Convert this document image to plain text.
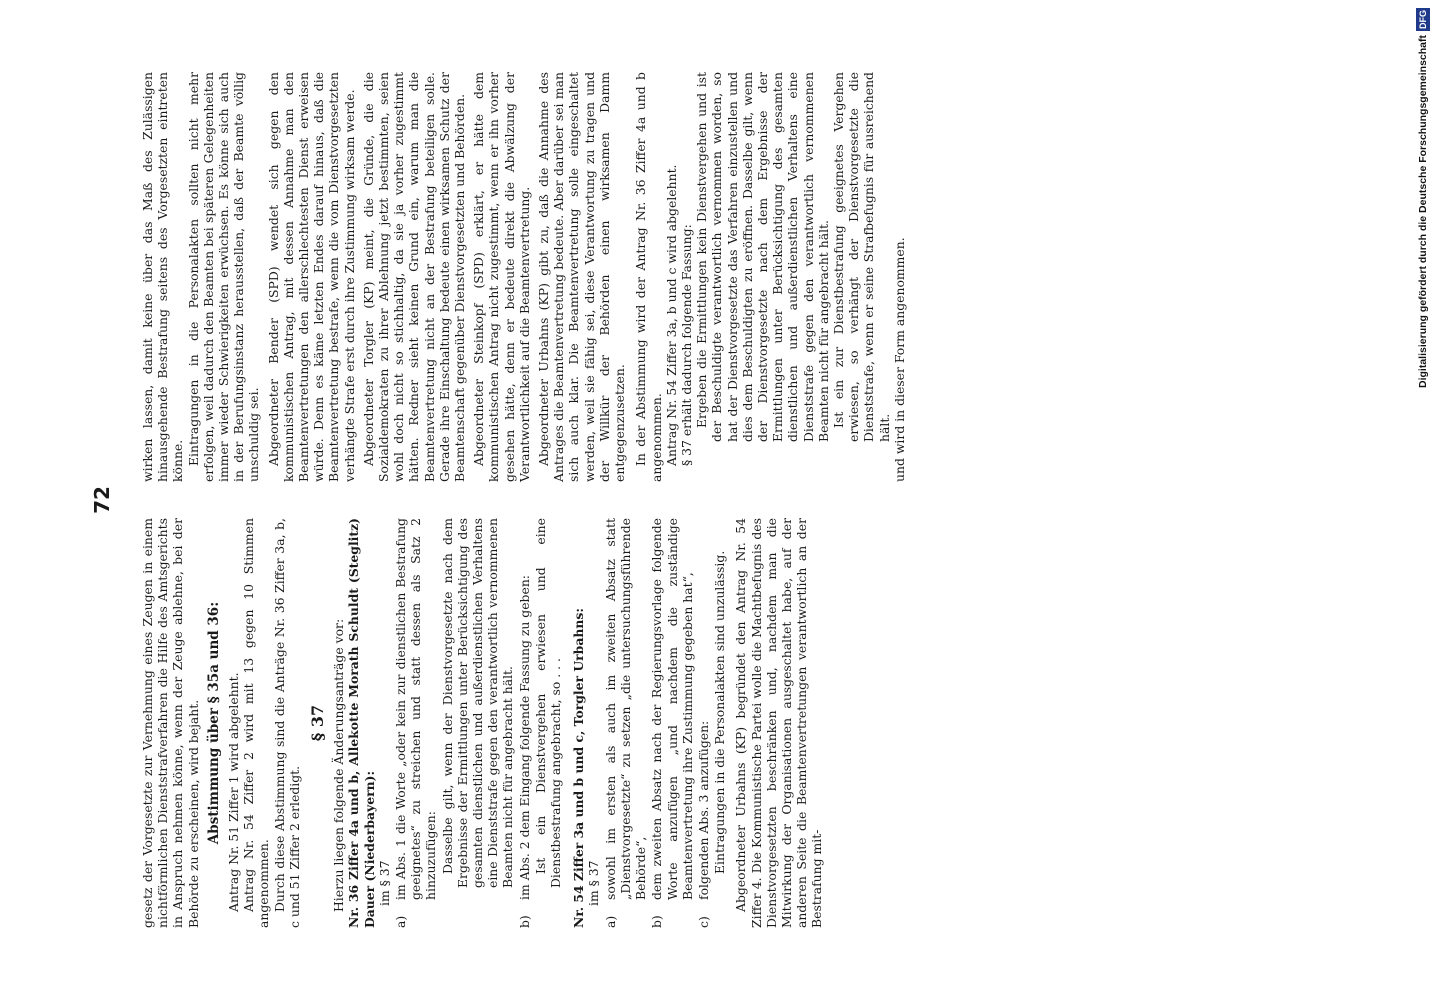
72

gesetz der Vorgesetzte zur Vernehmung eines Zeugen in einem nichtförmlichen Dienststrafverfahren die Hilfe des Amtsgerichts in Anspruch nehmen könne, wenn der Zeuge ablehne, bei der Behörde zu erscheinen, wird bejaht. Abstimmung über § 35a und 36: Antrag Nr. 51 Ziffer 1 wird abgelehnt. Antrag Nr. 54 Ziffer 2 wird mit 13 gegen 10 Stimmen angenommen. Durch diese Abstimmung sind die Anträge Nr. 36 Ziffer 3a, b, c und 51 Ziffer 2 erledigt.

§ 37 Hierzu liegen folgende Änderungsanträge vor: Nr. 36 Ziffer 4a und b, Allekotte Morath Schuldt (Steglitz) Dauer (Niederbayern): im § 37

a)
im Abs. 1 die Worte „oder kein zur dienstlichen Bestrafung geeignetes“ zu streichen und statt dessen als Satz 2 hinzuzufügen: Dasselbe gilt, wenn der Dienstvorgesetzte nach dem Ergebnisse der Ermittlungen unter Berücksichtigung des gesamten dienstlichen und außerdienstlichen Verhaltens eine Dienststrafe gegen den verantwortlich vernommenen Beamten nicht für angebracht hält.

b)
im Abs. 2 dem Eingang folgende Fassung zu geben: Ist ein Dienstvergehen erwiesen und eine Dienstbestrafung angebracht, so . . . Nr. 54 Ziffer 3a und b und c, Torgler Urbahns: im § 37

a)
sowohl im ersten als auch im zweiten Absatz statt „Dienstvorgesetzte“ zu setzen „die untersuchungsführende Behörde“,
b)
dem zweiten Absatz nach der Regierungsvorlage folgende Worte anzufügen „und nachdem die zuständige Beamtenvertretung ihre Zustimmung gegeben hat“,
c)
folgenden Abs. 3 anzufügen: Eintragungen in die Personalakten sind unzulässig. Abgeordneter Urbahns (KP) begründet den Antrag Nr. 54 Ziffer 4. Die Kommunistische Partei wolle die Machtbefugnis des Dienstvorgesetzten beschränken und, nachdem man die Mitwirkung der Organisationen ausgeschaltet habe, auf der anderen Seite die Beamtenvertretungen verantwortlich an der Bestrafung mit-

wirken lassen, damit keine über das Maß des Zulässigen hinausgehende Bestrafung seitens des Vorgesetzten eintreten könne. Eintragungen in die Personalakten sollten nicht mehr erfolgen, weil dadurch den Beamten bei späteren Gelegenheiten immer wieder Schwierigkeiten erwüchsen. Es könne sich auch in der Berufungsinstanz herausstellen, daß der Beamte völlig unschuldig sei. Abgeordneter Bender (SPD) wendet sich gegen den kommunistischen Antrag, mit dessen Annahme man den Beamtenvertretungen den allerschlechtesten Dienst erweisen würde. Denn es käme letzten Endes darauf hinaus, daß die Beamtenvertretung bestrafe, wenn die vom Dienstvorgesetzten verhängte Strafe erst durch ihre Zustimmung wirksam werde. Abgeordneter Torgler (KP) meint, die Gründe, die die Sozialdemokraten zu ihrer Ablehnung jetzt bestimmten, seien wohl doch nicht so stichhaltig, da sie ja vorher zugestimmt hätten. Redner sieht keinen Grund ein, warum man die Beamtenvertretung nicht an der Bestrafung beteiligen solle. Gerade ihre Einschaltung bedeute einen wirksamen Schutz der Beamtenschaft gegenüber Dienstvorgesetzten und Behörden. Abgeordneter Steinkopf (SPD) erklärt, er hätte dem kommunistischen Antrag nicht zugestimmt, wenn er ihn vorher gesehen hätte, denn er bedeute direkt die Abwälzung der Verantwortlichkeit auf die Beamtenvertretung. Abgeordneter Urbahns (KP) gibt zu, daß die Annahme des Antrages die Beamtenvertretung bedeute. Aber darüber sei man sich auch klar. Die Beamtenvertretung solle eingeschaltet werden, weil sie fähig sei, diese Verantwortung zu tragen und der Willkür der Behörden einen wirksamen Damm entgegenzusetzen. In der Abstimmung wird der Antrag Nr. 36 Ziffer 4a und b angenommen. Antrag Nr. 54 Ziffer 3a, b und c wird abgelehnt. § 37 erhält dadurch folgende Fassung: Ergeben die Ermittlungen kein Dienstvergehen und ist der Beschuldigte verantwortlich vernommen worden, so hat der Dienstvorgesetzte das Verfahren einzustellen und dies dem Beschuldigten zu eröffnen. Dasselbe gilt, wenn der Dienstvorgesetzte nach dem Ergebnisse der Ermittlungen unter Berücksichtigung des gesamten dienstlichen und außerdienstlichen Verhaltens eine Dienststrafe gegen den verantwortlich vernommenen Beamten nicht für angebracht hält. Ist ein zur Dienstbestrafung geeignetes Vergehen erwiesen, so verhängt der Dienstvorgesetzte die Dienststrafe, wenn er seine Strafbefugnis für ausreichend hält. und wird in dieser Form angenommen.	Digitalisierung gefördert durch die Deutsche ForschungsgemeinschaftDFG
